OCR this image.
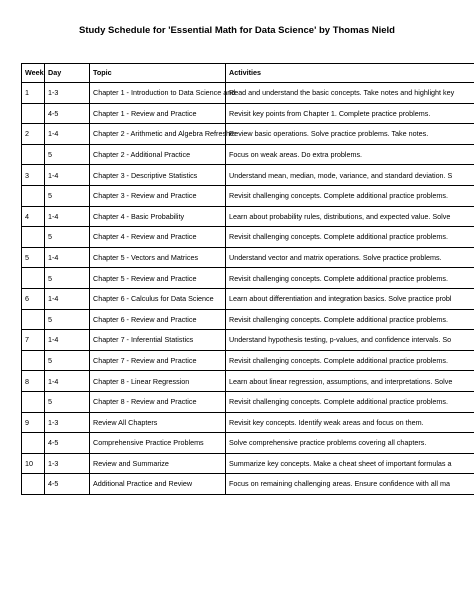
Study Schedule for 'Essential Math for Data Science' by Thomas Nield
Week	Day	Topic	Activities
1	1-3	Chapter 1 - Introduction to Data Science and	Read and understand the basic concepts. Take notes and highlight key
	4-5	Chapter 1 - Review and Practice	Revisit key points from Chapter 1. Complete practice problems.
2	1-4	Chapter 2 - Arithmetic and Algebra Refresher	Review basic operations. Solve practice problems. Take notes.
	5	Chapter 2 - Additional Practice	Focus on weak areas. Do extra problems.
3	1-4	Chapter 3 - Descriptive Statistics	Understand mean, median, mode, variance, and standard deviation. S
	5	Chapter 3 - Review and Practice	Revisit challenging concepts. Complete additional practice problems.
4	1-4	Chapter 4 - Basic Probability	Learn about probability rules, distributions, and expected value. Solve
	5	Chapter 4 - Review and Practice	Revisit challenging concepts. Complete additional practice problems.
5	1-4	Chapter 5 - Vectors and Matrices	Understand vector and matrix operations. Solve practice problems.
	5	Chapter 5 - Review and Practice	Revisit challenging concepts. Complete additional practice problems.
6	1-4	Chapter 6 - Calculus for Data Science	Learn about differentiation and integration basics. Solve practice probl
	5	Chapter 6 - Review and Practice	Revisit challenging concepts. Complete additional practice problems.
7	1-4	Chapter 7 - Inferential Statistics	Understand hypothesis testing, p-values, and confidence intervals. So
	5	Chapter 7 - Review and Practice	Revisit challenging concepts. Complete additional practice problems.
8	1-4	Chapter 8 - Linear Regression	Learn about linear regression, assumptions, and interpretations. Solve
	5	Chapter 8 - Review and Practice	Revisit challenging concepts. Complete additional practice problems.
9	1-3	Review All Chapters	Revisit key concepts. Identify weak areas and focus on them.
	4-5	Comprehensive Practice Problems	Solve comprehensive practice problems covering all chapters.
10	1-3	Review and Summarize	Summarize key concepts. Make a cheat sheet of important formulas a
	4-5	Additional Practice and Review	Focus on remaining challenging areas. Ensure confidence with all ma
